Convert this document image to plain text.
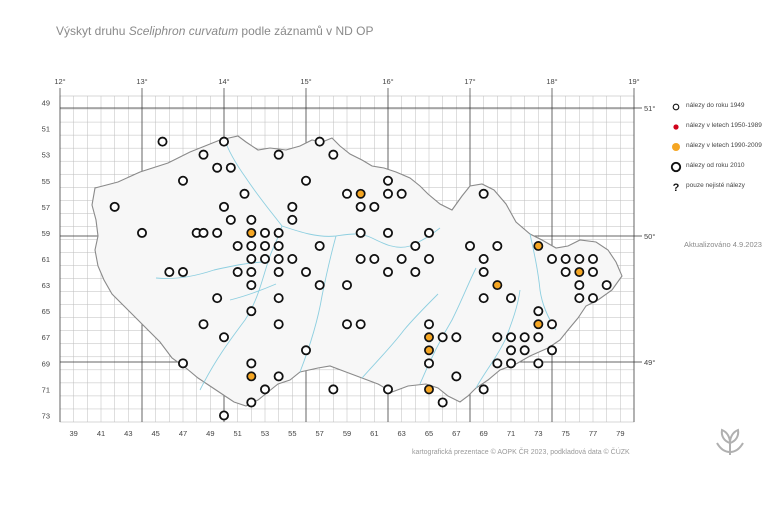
Výskyt druhu Sceliphron curvatum podle záznamů v ND OP
39	41	43	45	47	49	51	53	55	57	59	61	63	65	67	69	71	73	75	77	79
49
51
53
55
57
59
61
63
65
67
69
71
73
12°	13°	14°	15°	16°	17°	18°	19°
51°
50°
49°
nálezy do roku 1949
nálezy v letech 1950-1989
nálezy v letech 1990-2009
nálezy od roku 2010
? pouze nejisté nálezy
Aktualizováno 4.9.2023
kartografická prezentace © AOPK ČR 2023, podkladová data © ČÚZK
